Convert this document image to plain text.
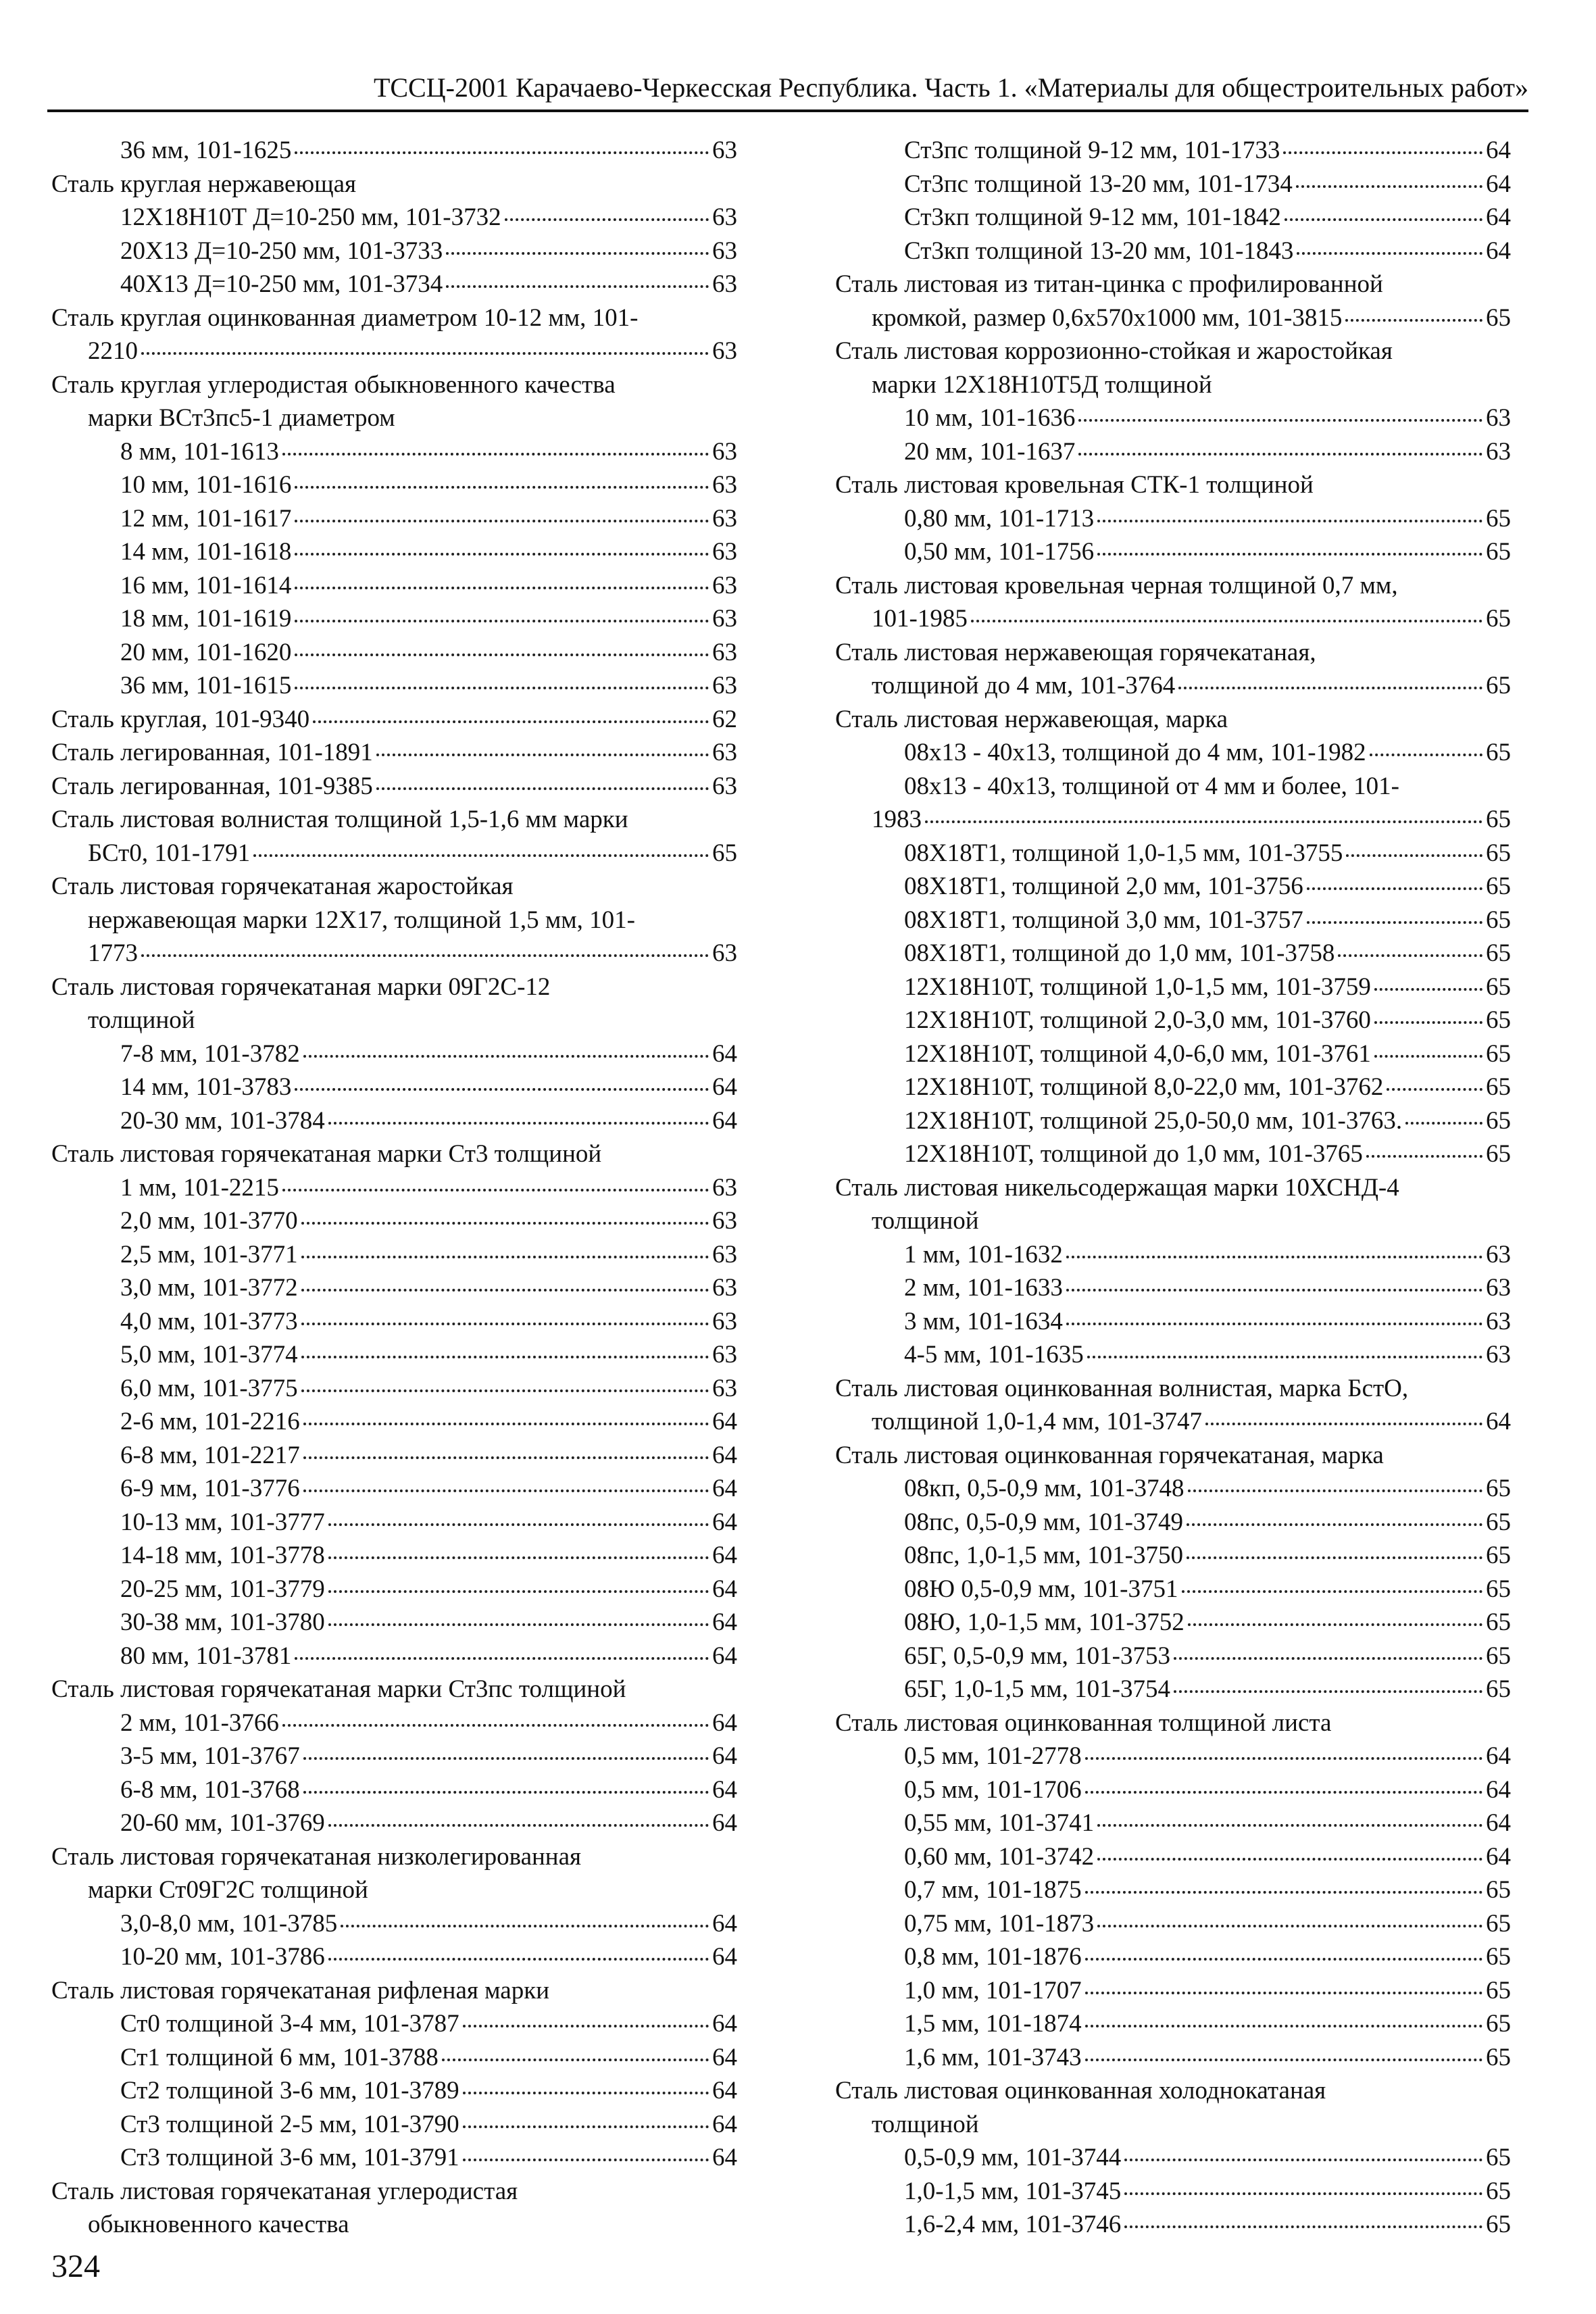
ТССЦ-2001 Карачаево-Черкесская Республика. Часть 1. «Материалы для общестроительных работ»
36 мм, 101-1625	63
Сталь круглая нержавеющая
12Х18Н10Т Д=10-250 мм, 101-3732	63
20Х13 Д=10-250 мм, 101-3733	63
40Х13 Д=10-250 мм, 101-3734	63
Сталь круглая оцинкованная диаметром 10-12 мм, 101-
2210	63
Сталь круглая углеродистая обыкновенного качества
марки ВСт3пс5-1 диаметром
8 мм, 101-1613	63
10 мм, 101-1616	63
12 мм, 101-1617	63
14 мм, 101-1618	63
16 мм, 101-1614	63
18 мм, 101-1619	63
20 мм, 101-1620	63
36 мм, 101-1615	63
Сталь круглая, 101-9340	62
Сталь легированная, 101-1891	63
Сталь легированная, 101-9385	63
Сталь листовая волнистая толщиной 1,5-1,6 мм марки
БСт0, 101-1791	65
Сталь листовая горячекатаная жаростойкая
нержавеющая марки 12Х17, толщиной 1,5 мм, 101-
1773	63
Сталь листовая горячекатаная марки 09Г2С-12
толщиной
7-8 мм, 101-3782	64
14 мм, 101-3783	64
20-30 мм, 101-3784	64
Сталь листовая горячекатаная марки Ст3 толщиной
1 мм, 101-2215	63
2,0 мм, 101-3770	63
2,5 мм, 101-3771	63
3,0 мм, 101-3772	63
4,0 мм, 101-3773	63
5,0 мм, 101-3774	63
6,0 мм, 101-3775	63
2-6 мм, 101-2216	64
6-8 мм, 101-2217	64
6-9 мм, 101-3776	64
10-13 мм, 101-3777	64
14-18 мм, 101-3778	64
20-25 мм, 101-3779	64
30-38 мм, 101-3780	64
80 мм, 101-3781	64
Сталь листовая горячекатаная марки Ст3пс толщиной
2 мм, 101-3766	64
3-5 мм, 101-3767	64
6-8 мм, 101-3768	64
20-60 мм, 101-3769	64
Сталь листовая горячекатаная низколегированная
марки Ст09Г2С толщиной
3,0-8,0 мм, 101-3785	64
10-20 мм, 101-3786	64
Сталь листовая горячекатаная рифленая марки
Ст0 толщиной 3-4 мм, 101-3787	64
Ст1 толщиной 6 мм, 101-3788	64
Ст2 толщиной 3-6 мм, 101-3789	64
Ст3 толщиной 2-5 мм, 101-3790	64
Ст3 толщиной 3-6 мм, 101-3791	64
Сталь листовая горячекатаная углеродистая
обыкновенного качества
Ст3пс толщиной 9-12 мм, 101-1733	64
Ст3пс толщиной 13-20 мм, 101-1734	64
Ст3кп толщиной 9-12 мм, 101-1842	64
Ст3кп толщиной 13-20 мм, 101-1843	64
Сталь листовая из титан-цинка с профилированной
кромкой, размер 0,6х570х1000 мм, 101-3815	65
Сталь листовая коррозионно-стойкая и жаростойкая
марки 12Х18Н10Т5Д толщиной
10 мм, 101-1636	63
20 мм, 101-1637	63
Сталь листовая кровельная СТК-1 толщиной
0,80 мм, 101-1713	65
0,50 мм, 101-1756	65
Сталь листовая кровельная черная толщиной 0,7 мм,
101-1985	65
Сталь листовая нержавеющая горячекатаная,
толщиной до 4 мм, 101-3764	65
Сталь листовая нержавеющая, марка
08х13 - 40х13, толщиной до 4 мм, 101-1982	65
08х13 - 40х13, толщиной от 4 мм и более, 101-
1983	65
08Х18Т1, толщиной 1,0-1,5 мм, 101-3755	65
08Х18Т1, толщиной 2,0 мм, 101-3756	65
08Х18Т1, толщиной 3,0 мм, 101-3757	65
08Х18Т1, толщиной до 1,0 мм, 101-3758	65
12Х18Н10Т, толщиной 1,0-1,5 мм, 101-3759	65
12Х18Н10Т, толщиной 2,0-3,0 мм, 101-3760	65
12Х18Н10Т, толщиной 4,0-6,0 мм, 101-3761	65
12Х18Н10Т, толщиной 8,0-22,0 мм, 101-3762	65
12Х18Н10Т, толщиной 25,0-50,0 мм, 101-3763.	65
12Х18Н10Т, толщиной до 1,0 мм, 101-3765	65
Сталь листовая никельсодержащая марки 10ХСНД-4
толщиной
1 мм, 101-1632	63
2 мм, 101-1633	63
3 мм, 101-1634	63
4-5 мм, 101-1635	63
Сталь листовая оцинкованная волнистая, марка БстО,
толщиной 1,0-1,4 мм, 101-3747	64
Сталь листовая оцинкованная горячекатаная, марка
08кп, 0,5-0,9 мм, 101-3748	65
08пс, 0,5-0,9 мм, 101-3749	65
08пс, 1,0-1,5 мм, 101-3750	65
08Ю 0,5-0,9 мм, 101-3751	65
08Ю, 1,0-1,5 мм, 101-3752	65
65Г, 0,5-0,9 мм, 101-3753	65
65Г, 1,0-1,5 мм, 101-3754	65
Сталь листовая оцинкованная толщиной листа
0,5 мм, 101-2778	64
0,5 мм, 101-1706	64
0,55 мм, 101-3741	64
0,60 мм, 101-3742	64
0,7 мм, 101-1875	65
0,75 мм, 101-1873	65
0,8 мм, 101-1876	65
1,0 мм, 101-1707	65
1,5 мм, 101-1874	65
1,6 мм, 101-3743	65
Сталь листовая оцинкованная холоднокатаная
толщиной
0,5-0,9 мм, 101-3744	65
1,0-1,5 мм, 101-3745	65
1,6-2,4 мм, 101-3746	65
324
